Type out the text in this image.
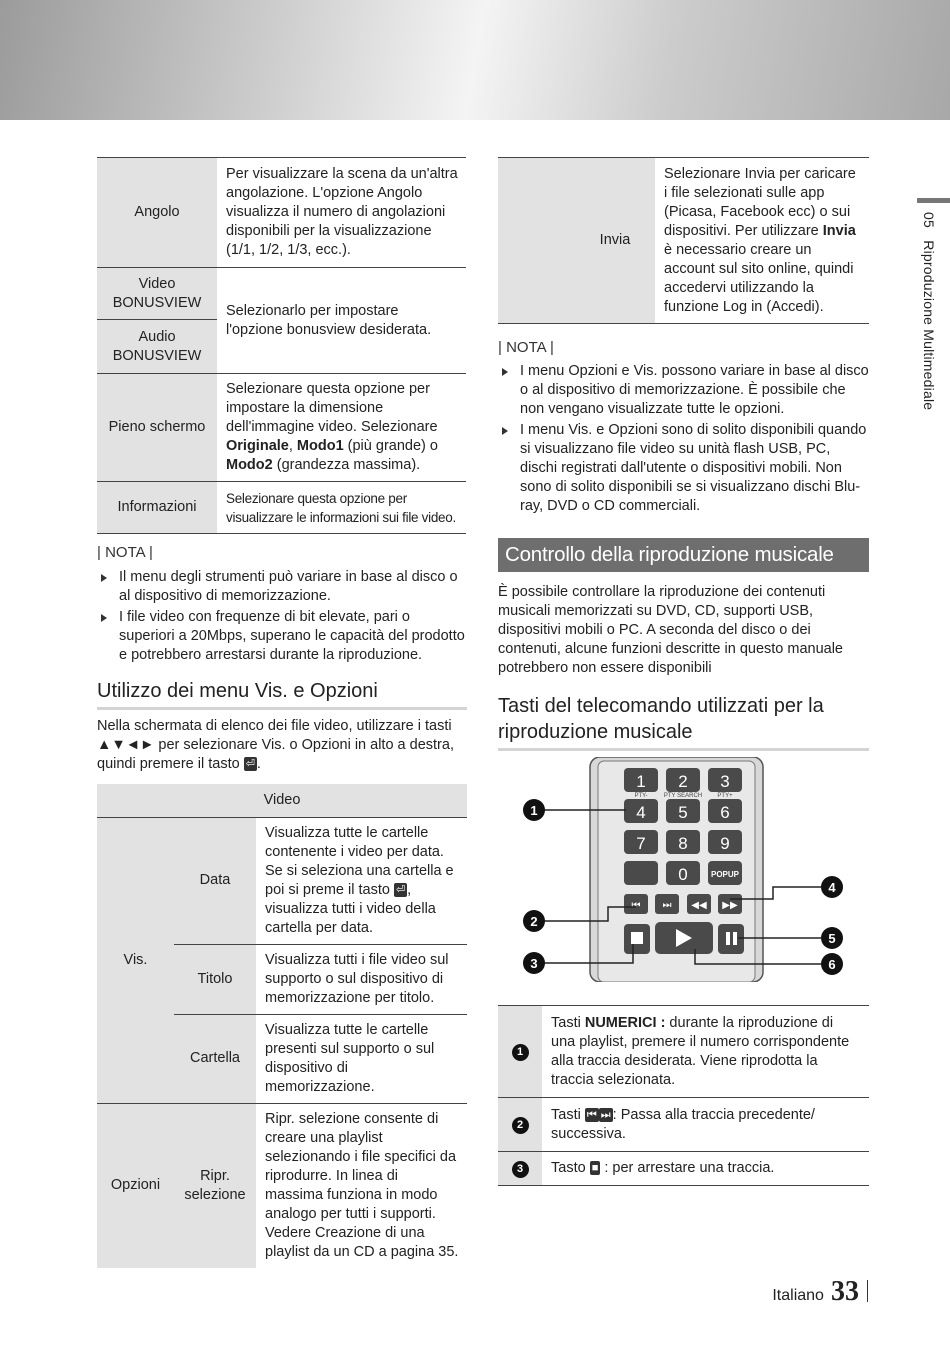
Angolo	Per visualizzare la scena da un'altra angolazione. L'opzione Angolo visualizza il numero di angolazioni disponibili per la visualizzazione (1/1, 1/2, 1/3, ecc.).
Video BONUSVIEW	Selezionarlo per impostare l'opzione bonusview desiderata.
Audio BONUSVIEW	
Pieno schermo	Selezionare questa opzione per impostare la dimensione dell'immagine video. Selezionare Originale, Modo1 (più grande) o Modo2 (grandezza massima).
Informazioni	Selezionare questa opzione per visualizzare le informazioni sui file video.
| NOTA |
Il menu degli strumenti può variare in base al disco o al dispositivo di memorizzazione.
I file video con frequenze di bit elevate, pari o superiori a 20Mbps, superano le capacità del prodotto e potrebbero arrestarsi durante la riproduzione.
Utilizzo dei menu Vis. e Opzioni
Nella schermata di elenco dei file video, utilizzare i tasti ▲▼◄► per selezionare Vis. o Opzioni in alto a destra, quindi premere il tasto ⏎ .
Video		
Vis.	Data	Visualizza tutte le cartelle contenente i video per data. Se si seleziona una cartella e poi si preme il tasto ⏎ , visualizza tutti i video della cartella per data.
	Titolo	Visualizza tutti i file video sul supporto o sul dispositivo di memorizzazione per titolo.
	Cartella	Visualizza tutte le cartelle presenti sul supporto o sul dispositivo di memorizzazione.
Opzioni	Ripr. selezione	Ripr. selezione consente di creare una playlist selezionando i file specifici da riprodurre. In linea di massima funziona in modo analogo per tutti i supporti. Vedere Creazione di una playlist da un CD a pagina 35.
	Invia	Selezionare Invia per caricare i file selezionati sulle app (Picasa, Facebook ecc) o sui dispositivi. Per utilizzare Invia è necessario creare un account sul sito online, quindi accedervi utilizzando la funzione Log in (Accedi).
| NOTA |
I menu Opzioni e Vis. possono variare in base al disco o al dispositivo di memorizzazione. È possibile che non vengano visualizzate tutte le opzioni.
I menu Vis. e Opzioni sono di solito disponibili quando si visualizzano file video su unità flash USB, PC, dischi registrati dall'utente o dispositivi mobili. Non sono di solito disponibili se si visualizzano dischi Blu-ray, DVD o CD commerciali.
Controllo della riproduzione musicale
È possibile controllare la riproduzione dei contenuti musicali memorizzati su DVD, CD, supporti USB, dispositivi mobili o PC. A seconda del disco o dei contenuti, alcune funzioni descritte in questo manuale potrebbero non essere disponibili
Tasti del telecomando utilizzati per la riproduzione musicale
1 2 3
4 5 6
7 8 9
0	POPUP
PTY-	PTY SEARCH	PTY+
⏮ ⏭ ◀◀ ▶▶
1
2
3
4
5
6
1	Tasti NUMERICI : durante la riproduzione di una playlist, premere il numero corrispondente alla traccia desiderata. Viene riprodotta la traccia selezionata.
2	Tasti ⏮ ⏭ : Passa alla traccia precedente/ successiva.
3	Tasto ■ : per arrestare una traccia.
05   Riproduzione Multimediale
Italiano 33
